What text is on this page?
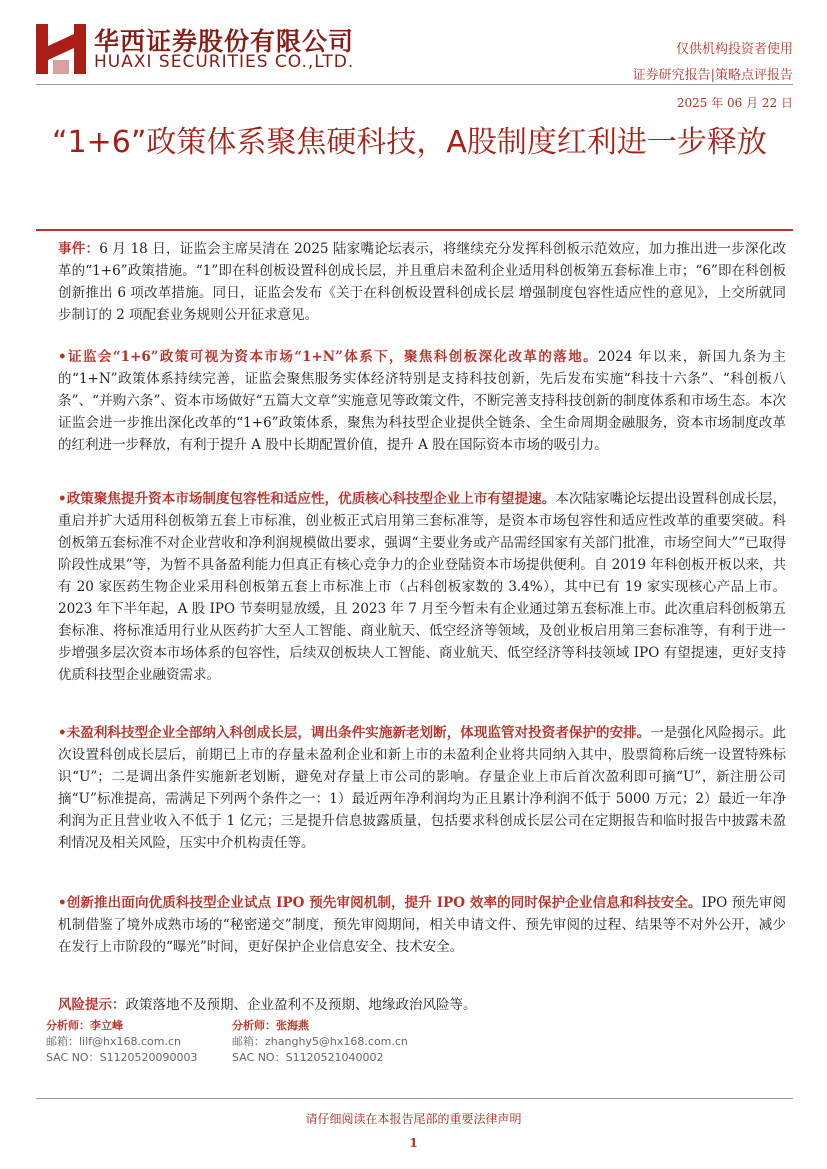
华西证券股份有限公司
HUAXI SECURITIES CO.,LTD.
仅供机构投资者使用
证券研究报告|策略点评报告
2025 年 06 月 22 日
“1+6”政策体系聚焦硬科技，A股制度红利进一步释放

事件：6 月 18 日，证监会主席吴清在 2025 陆家嘴论坛表示，将继续充分发挥科创板示范效应，加力推出进一步深化改革的“1+6”政策措施。“1”即在科创板设置科创成长层，并且重启未盈利企业适用科创板第五套标准上市；“6”即在科创板创新推出 6 项改革措施。同日，证监会发布《关于在科创板设置科创成长层 增强制度包容性适应性的意见》，上交所就同步制订的 2 项配套业务规则公开征求意见。

•证监会“1+6”政策可视为资本市场“1+N”体系下，聚焦科创板深化改革的落地。2024 年以来，新国九条为主的“1+N”政策体系持续完善，证监会聚焦服务实体经济特别是支持科技创新，先后发布实施“科技十六条”、“科创板八条”、“并购六条”、资本市场做好“五篇大文章”实施意见等政策文件，不断完善支持科技创新的制度体系和市场生态。本次证监会进一步推出深化改革的“1+6”政策体系，聚焦为科技型企业提供全链条、全生命周期金融服务，资本市场制度改革的红利进一步释放，有利于提升 A 股中长期配置价值，提升 A 股在国际资本市场的吸引力。

•政策聚焦提升资本市场制度包容性和适应性，优质核心科技型企业上市有望提速。本次陆家嘴论坛提出设置科创成长层，重启并扩大适用科创板第五套上市标准，创业板正式启用第三套标准等，是资本市场包容性和适应性改革的重要突破。科创板第五套标准不对企业营收和净利润规模做出要求，强调“主要业务或产品需经国家有关部门批准，市场空间大”“已取得阶段性成果”等，为暂不具备盈利能力但真正有核心竞争力的企业登陆资本市场提供便利。自 2019 年科创板开板以来，共有 20 家医药生物企业采用科创板第五套上市标准上市（占科创板家数的 3.4%），其中已有 19 家实现核心产品上市。2023 年下半年起，A 股 IPO 节奏明显放缓，且 2023 年 7 月至今暂未有企业通过第五套标准上市。此次重启科创板第五套标准、将标准适用行业从医药扩大至人工智能、商业航天、低空经济等领域，及创业板启用第三套标准等，有利于进一步增强多层次资本市场体系的包容性，后续双创板块人工智能、商业航天、低空经济等科技领域 IPO 有望提速，更好支持优质科技型企业融资需求。

•未盈利科技型企业全部纳入科创成长层，调出条件实施新老划断，体现监管对投资者保护的安排。一是强化风险揭示。此次设置科创成长层后，前期已上市的存量未盈利企业和新上市的未盈利企业将共同纳入其中，股票简称后统一设置特殊标识“U”；二是调出条件实施新老划断，避免对存量上市公司的影响。存量企业上市后首次盈利即可摘“U”，新注册公司摘“U”标准提高，需满足下列两个条件之一：1）最近两年净利润均为正且累计净利润不低于 5000 万元；2）最近一年净利润为正且营业收入不低于 1 亿元；三是提升信息披露质量，包括要求科创成长层公司在定期报告和临时报告中披露未盈利情况及相关风险，压实中介机构责任等。

•创新推出面向优质科技型企业试点 IPO 预先审阅机制，提升 IPO 效率的同时保护企业信息和科技安全。IPO 预先审阅机制借鉴了境外成熟市场的“秘密递交”制度，预先审阅期间，相关申请文件、预先审阅的过程、结果等不对外公开，减少在发行上市阶段的“曝光”时间，更好保护企业信息安全、技术安全。

风险提示：政策落地不及预期、企业盈利不及预期、地缘政治风险等。

分析师：李立峰
邮箱：lilf@hx168.com.cn
SAC NO：S1120520090003
分析师：张海燕
邮箱：zhanghy5@hx168.com.cn
SAC NO：S1120521040002
请仔细阅读在本报告尾部的重要法律声明
1
